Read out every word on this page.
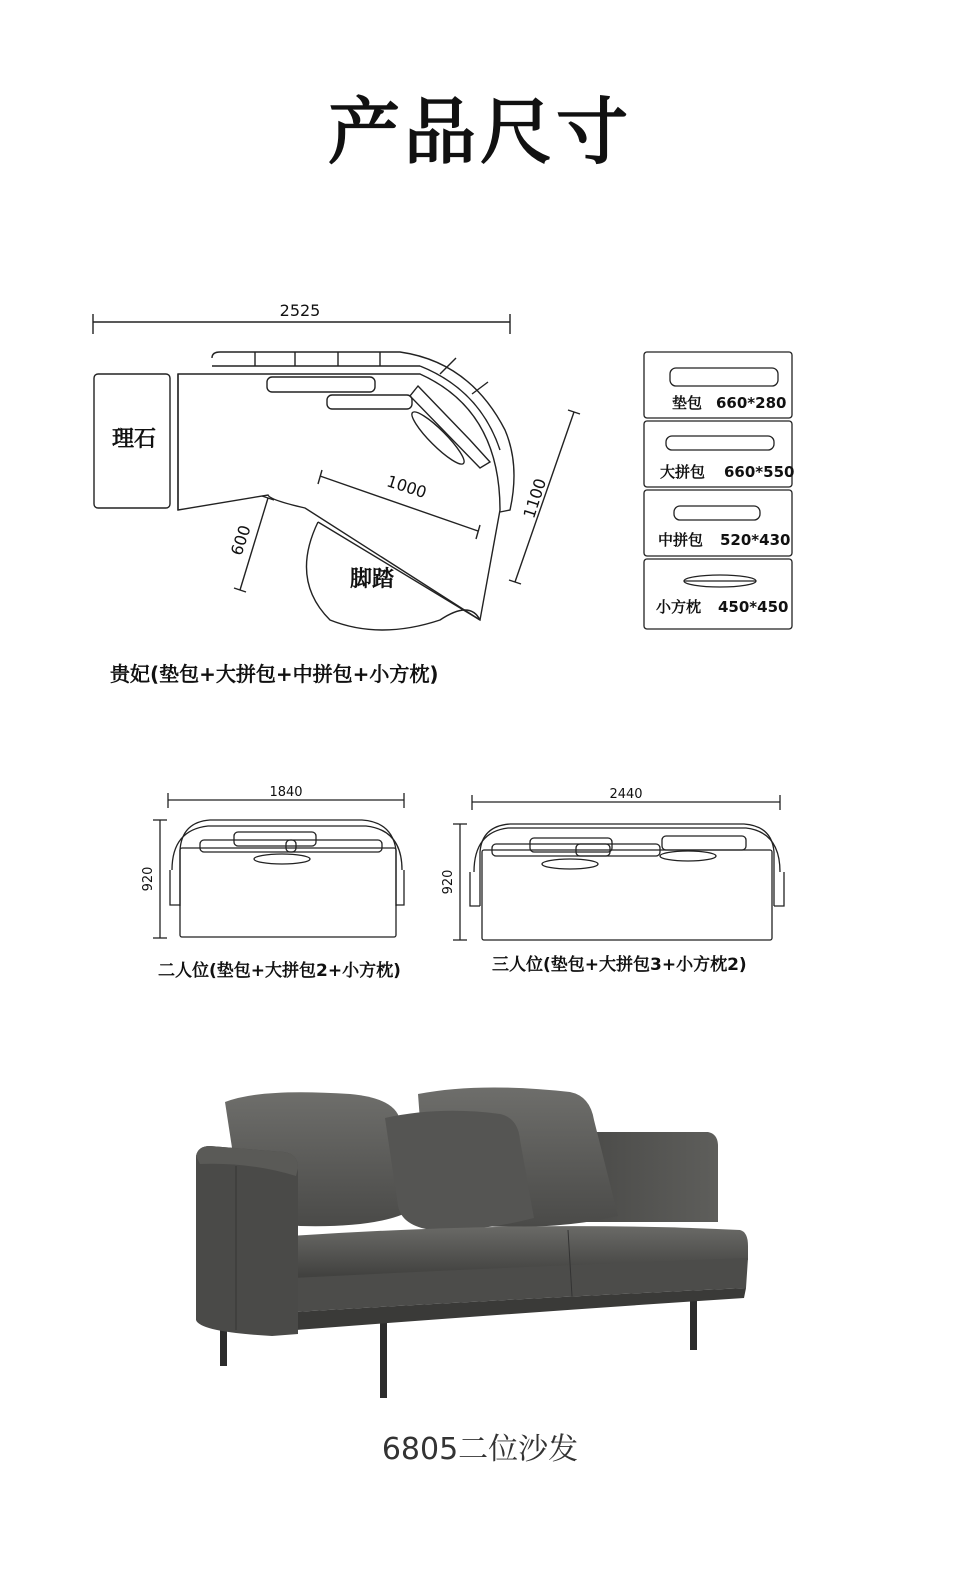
产品尺寸
2525
1000	1100
600
理石
脚踏
垫包 660*280
大拼包 660*550
中拼包 520*430
小方枕 450*450
贵妃(垫包+大拼包+中拼包+小方枕)
1840
920
二人位(垫包+大拼包2+小方枕)
2440
920
三人位(垫包+大拼包3+小方枕2)
6805二位沙发
